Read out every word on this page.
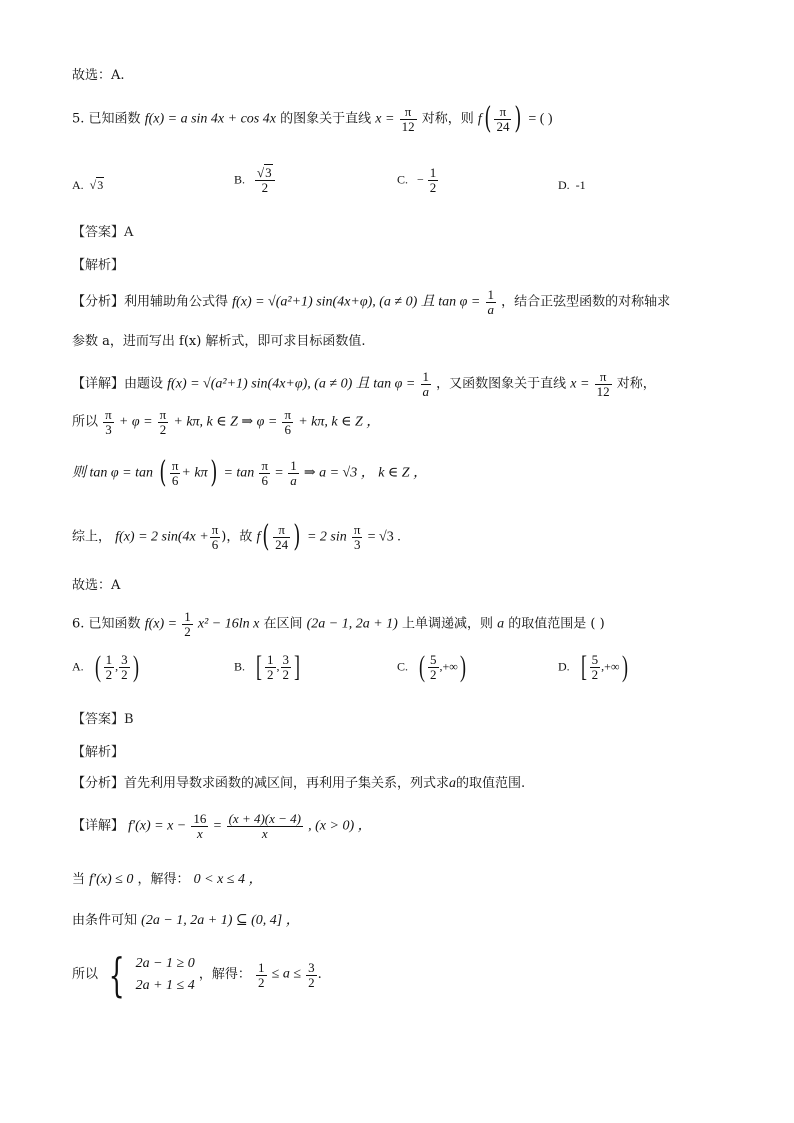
故选：A.
5. 已知函数 f(x) = a sin 4x + cos 4x 的图象关于直线 $x = \frac{\pi}{12}$ 对称，则 $f( \frac{\pi}{24}$ ) = ( )
A. √3	B. $\frac{√3}{2}$	C. − $\frac{1}{2}$	D. -1
【答案】A
【解析】
【分析】利用辅助角公式得 f(x) = √(a²+1) sin(4x+φ), (a ≠ 0) 且 $\tan \varphi = \frac{1}{a}$ ，结合正弦型函数的对称轴求
参数 a，进而写出 f(x) 解析式，即可求目标函数值.
【详解】由题设 f(x) = √(a²+1) sin(4x+φ), (a ≠ 0) 且 $\tan \varphi = \frac{1}{a}$ ，又函数图象关于直线 $x = \frac{\pi}{12}$ 对称，
所以 $\frac{\pi}{3} + \varphi = \frac{\pi}{2} + k\pi$, k ∈ Z ⇒ $\varphi = \frac{\pi}{6} + k\pi$, k ∈ Z ，
则 tan φ = tan ( $\frac{\pi}{6} + k\pi) = \tan \frac{\pi}{6} = \frac{1}{a}$ ⇒ a = √3 ， k ∈ Z ，
综上， f(x) = 2 $\sin(4x + \frac{\pi}{6}$ )，故 $f( \frac{\pi}{24}$ ) = 2 $\sin \frac{\pi}{3} = √3$ .
故选：A
6. 已知函数 $f(x) = \frac{1}{2} x^2 - 16\ln$ x 在区间 (2a − 1, 2a + 1) 上单调递减，则 a 的取值范围是 ( )
A. ( $\frac{1}{2}$ , $\frac{3}{2}$ )	B. [ $\frac{1}{2}$ , $\frac{3}{2}$ ]	C. ( $\frac{5}{2}$ ,+∞)	D. [ $\frac{5}{2}$ ,+∞)
【答案】B
【解析】
【分析】首先利用导数求函数的减区间，再利用子集关系，列式求a的取值范围.
【详解】 $f'(x) = x - \frac{16}{x} = \frac{(x + 4)(x - 4)}{x}$ , (x > 0) ，
当 f′(x) ≤ 0 ，解得： 0 < x ≤ 4 ，
由条件可知 (2a − 1, 2a + 1) ⊆ (0, 4] ，
所以 { 2a − 1 ≥ 0
2a + 1 ≤ 4
，解得： $\frac{1}{2} \le a \le \frac{3}{2}$ .
